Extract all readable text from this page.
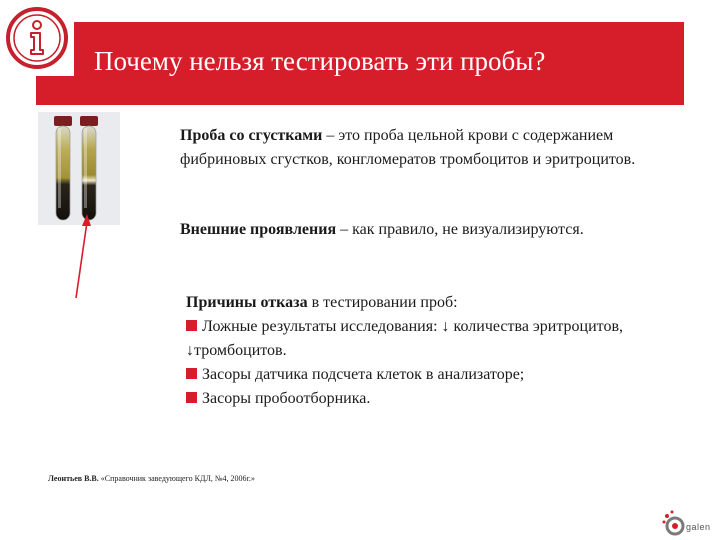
Почему нельзя тестировать эти пробы?

Проба со сгустками – это проба цельной крови с содержанием фибриновых сгустков, конгломератов тромбоцитов и эритроцитов.

Внешние проявления – как правило, не визуализируются.

Причины отказа в тестировании проб:

Ложные результаты исследования: ↓ количества эритроцитов, ↓тромбоцитов.

Засоры датчика подсчета клеток в анализаторе;

Засоры пробоотборника.

Леонтьев В.В. «Справочник заведующего КДЛ, №4, 2006г.»
galen
